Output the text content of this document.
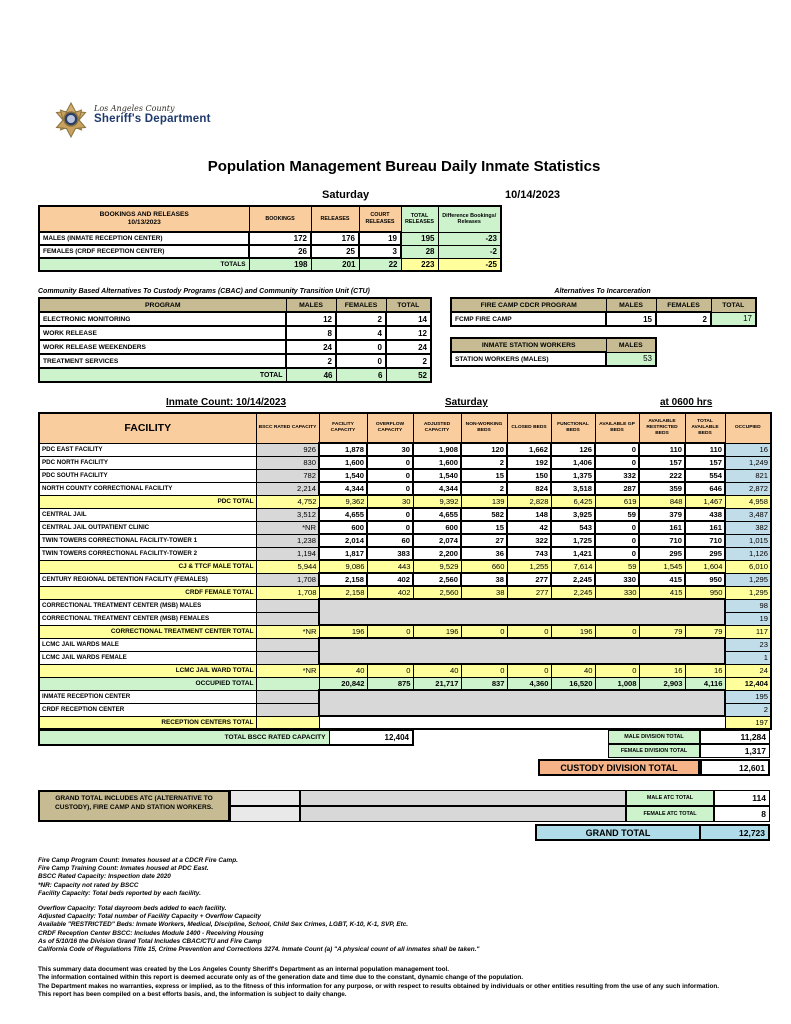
Los Angeles County
Sheriff's Department
Population Management Bureau Daily Inmate Statistics
Saturday	10/14/2023
BOOKINGS AND RELEASES
10/13/2023	BOOKINGS	RELEASES	COURT RELEASES	TOTAL RELEASES	Difference Bookings/ Releases
MALES (INMATE RECEPTION CENTER)	172	176	19	195	-23
FEMALES (CRDF RECEPTION CENTER)	26	25	3	28	-2
TOTALS	198	201	22	223	-25
Community Based Alternatives To Custody Programs (CBAC) and Community Transition Unit (CTU)
PROGRAM	MALES	FEMALES	TOTAL
ELECTRONIC MONITORING	12	2	14
WORK RELEASE	8	4	12
WORK RELEASE WEEKENDERS	24	0	24
TREATMENT SERVICES	2	0	2
TOTAL	46	6	52
Alternatives To Incarceration
FIRE CAMP CDCR PROGRAM	MALES	FEMALES	TOTAL
FCMP FIRE CAMP	15	2	17
INMATE STATION WORKERS	MALES
STATION WORKERS (MALES)	53
Inmate Count: 10/14/2023	Saturday	at 0600 hrs
FACILITY	BSCC RATED CAPACITY	FACILITY CAPACITY	OVERFLOW CAPACITY	ADJUSTED CAPACITY	NON-WORKING BEDS	CLOSED BEDS	FUNCTIONAL BEDS	AVAILABLE GP BEDS	AVAILABLE RESTRICTED BEDS	TOTAL AVAILABLE BEDS	OCCUPIED
PDC EAST FACILITY	926	1,878	30	1,908	120	1,662	126	0	110	110	16
PDC NORTH FACILITY	830	1,600	0	1,600	2	192	1,406	0	157	157	1,249
PDC SOUTH FACILITY	782	1,540	0	1,540	15	150	1,375	332	222	554	821
NORTH COUNTY CORRECTIONAL FACILITY	2,214	4,344	0	4,344	2	824	3,518	287	359	646	2,872
PDC TOTAL	4,752	9,362	30	9,392	139	2,828	6,425	619	848	1,467	4,958
CENTRAL JAIL	3,512	4,655	0	4,655	582	148	3,925	59	379	438	3,487
CENTRAL JAIL OUTPATIENT CLINIC	*NR	600	0	600	15	42	543	0	161	161	382
TWIN TOWERS CORRECTIONAL FACILITY-TOWER 1	1,238	2,014	60	2,074	27	322	1,725	0	710	710	1,015
TWIN TOWERS CORRECTIONAL FACILITY-TOWER 2	1,194	1,817	383	2,200	36	743	1,421	0	295	295	1,126
CJ & TTCF MALE TOTAL	5,944	9,086	443	9,529	660	1,255	7,614	59	1,545	1,604	6,010
CENTURY REGIONAL DETENTION FACILITY (FEMALES)	1,708	2,158	402	2,560	38	277	2,245	330	415	950	1,295
CRDF FEMALE TOTAL	1,708	2,158	402	2,560	38	277	2,245	330	415	950	1,295
CORRECTIONAL TREATMENT CENTER (MSB) MALES											98
CORRECTIONAL TREATMENT CENTER (MSB) FEMALES											19
CORRECTIONAL TREATMENT CENTER TOTAL	*NR	196	0	196	0	0	196	0	79	79	117
LCMC JAIL WARDS MALE											23
LCMC JAIL WARDS FEMALE											1
LCMC JAIL WARD TOTAL	*NR	40	0	40	0	0	40	0	16	16	24
OCCUPIED TOTAL		20,842	875	21,717	837	4,360	16,520	1,008	2,903	4,116	12,404
INMATE RECEPTION CENTER											195
CRDF RECEPTION CENTER											2
RECEPTION CENTERS TOTAL											197
TOTAL BSCC RATED CAPACITY	12,404	MALE DIVISION TOTAL	11,284
FEMALE DIVISION TOTAL	1,317
CUSTODY DIVISION TOTAL	12,601
GRAND TOTAL INCLUDES ATC (ALTERNATIVE TO
CUSTODY), FIRE CAMP AND STATION WORKERS.
MALE ATC TOTAL	114
FEMALE ATC TOTAL	8
GRAND TOTAL	12,723
Fire Camp Program Count: Inmates housed at a CDCR Fire Camp.
Fire Camp Training Count: Inmates housed at PDC East.
BSCC Rated Capacity: Inspection date 2020
*NR: Capacity not rated by BSCC
Facility Capacity: Total beds reported by each facility.
Overflow Capacity: Total dayroom beds added to each facility.
Adjusted Capacity: Total number of Facility Capacity + Overflow Capacity
Available "RESTRICTED" Beds: Inmate Workers, Medical, Discipline, School, Child Sex Crimes, LGBT, K-10, K-1, SVP, Etc.
CRDF Reception Center BSCC: Includes Module 1400 - Receiving Housing
As of 5/10/16 the Division Grand Total Includes CBAC/CTU and Fire Camp
California Code of Regulations Title 15, Crime Prevention and Corrections 3274. Inmate Count (a) "A physical count of all inmates shall be taken."
This summary data document was created by the Los Angeles County Sheriff's Department as an internal population management tool.
The information contained within this report is deemed accurate only as of the generation date and time due to the constant, dynamic change of the population.
The Department makes no warranties, express or implied, as to the fitness of this information for any purpose, or with respect to results obtained by individuals or other entities resulting from the use of any such information.
This report has been compiled on a best efforts basis, and, the information is subject to daily change.
